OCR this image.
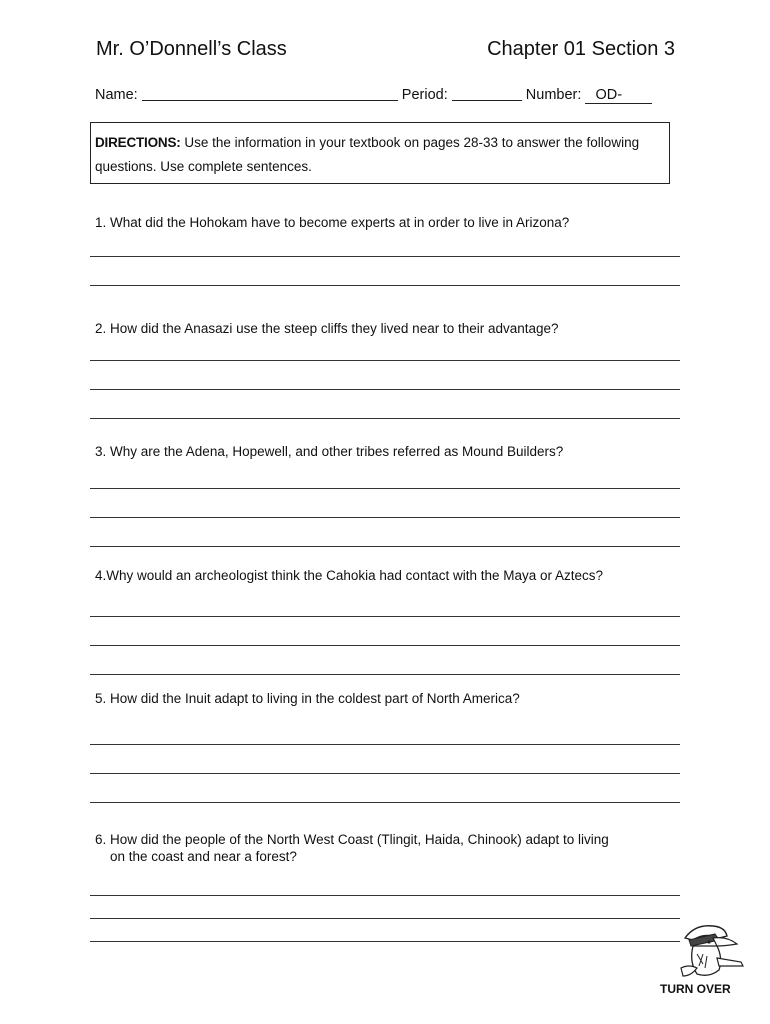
Mr. O’Donnell’s Class	Chapter 01 Section 3
Name:	Period:	Number: OD-
DIRECTIONS: Use the information in your textbook on pages 28-33 to answer the following questions. Use complete sentences.
1. What did the Hohokam have to become experts at in order to live in Arizona?
2. How did the Anasazi use the steep cliffs they lived near to their advantage?
3. Why are the Adena, Hopewell, and other tribes referred as Mound Builders?
4.Why would an archeologist think the Cahokia had contact with the Maya or Aztecs?
5. How did the Inuit adapt to living in the coldest part of North America?
6. How did the people of the North West Coast (Tlingit, Haida, Chinook) adapt to living
on the coast and near a forest?
TURN OVER
